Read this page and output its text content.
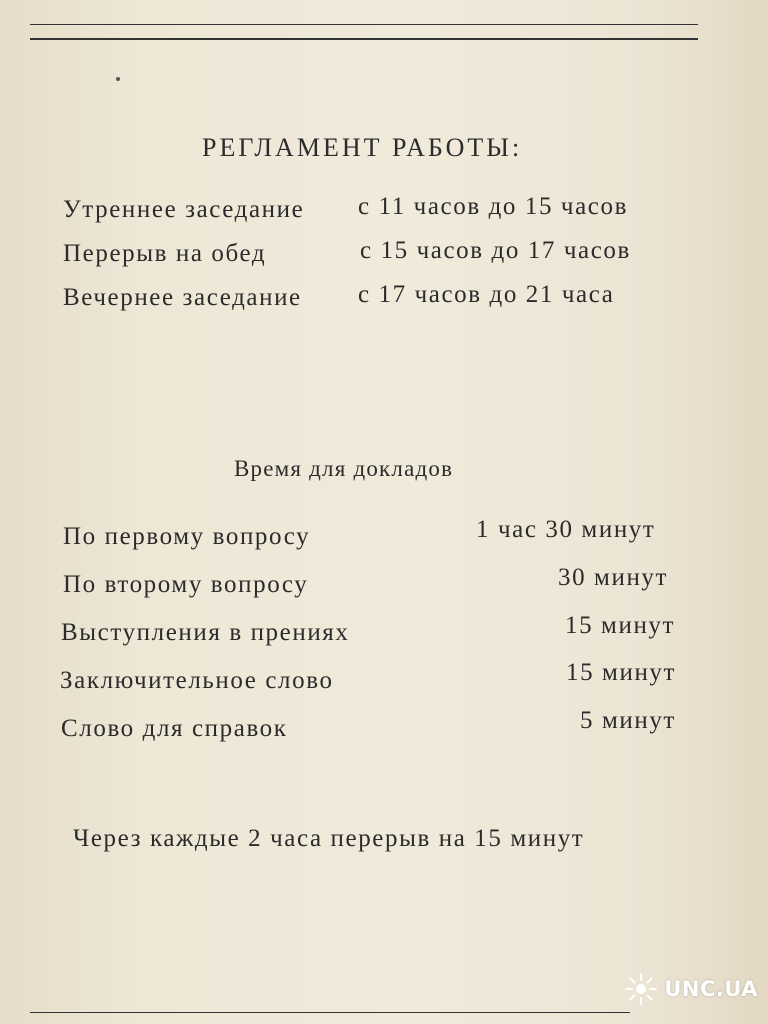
РЕГЛАМЕНТ РАБОТЫ:
Утреннее заседание с 11 часов до 15 часов
Перерыв на обед	с 15 часов до 17 часов
Вечернее заседание с 17 часов до 21 часа
Время для докладов
По первому вопросу	1 час 30 минут
По второму вопросу	30 минут
Выступления в прениях	15 минут
Заключительное слово	15 минут
Слово для справок	5 минут
Через каждые 2 часа перерыв на 15 минут
UNC.UA
